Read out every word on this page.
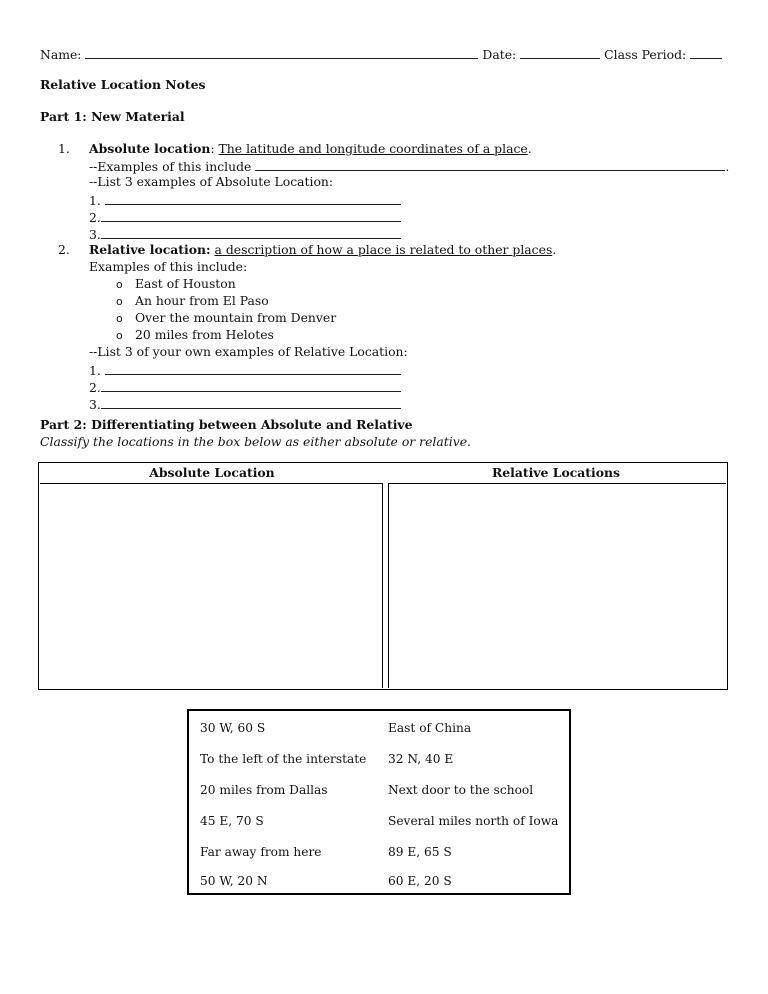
Name:	Date:	Class Period:
Relative Location Notes
Part 1: New Material
1. Absolute location: The latitude and longitude coordinates of a place.
--Examples of this include	.
--List 3 examples of Absolute Location:
1.
2.
3.
2. Relative location: a description of how a place is related to other places.
Examples of this include:
o East of Houston
o An hour from El Paso
o Over the mountain from Denver
o 20 miles from Helotes
--List 3 of your own examples of Relative Location:
1.
2.
3.
Part 2: Differentiating between Absolute and Relative
Classify the locations in the box below as either absolute or relative.
Absolute Location	Relative Locations
30 W, 60 S	East of China
To the left of the interstate 32 N, 40 E
20 miles from Dallas	Next door to the school
45 E, 70 S	Several miles north of Iowa
Far away from here	89 E, 65 S
50 W, 20 N	60 E, 20 S
